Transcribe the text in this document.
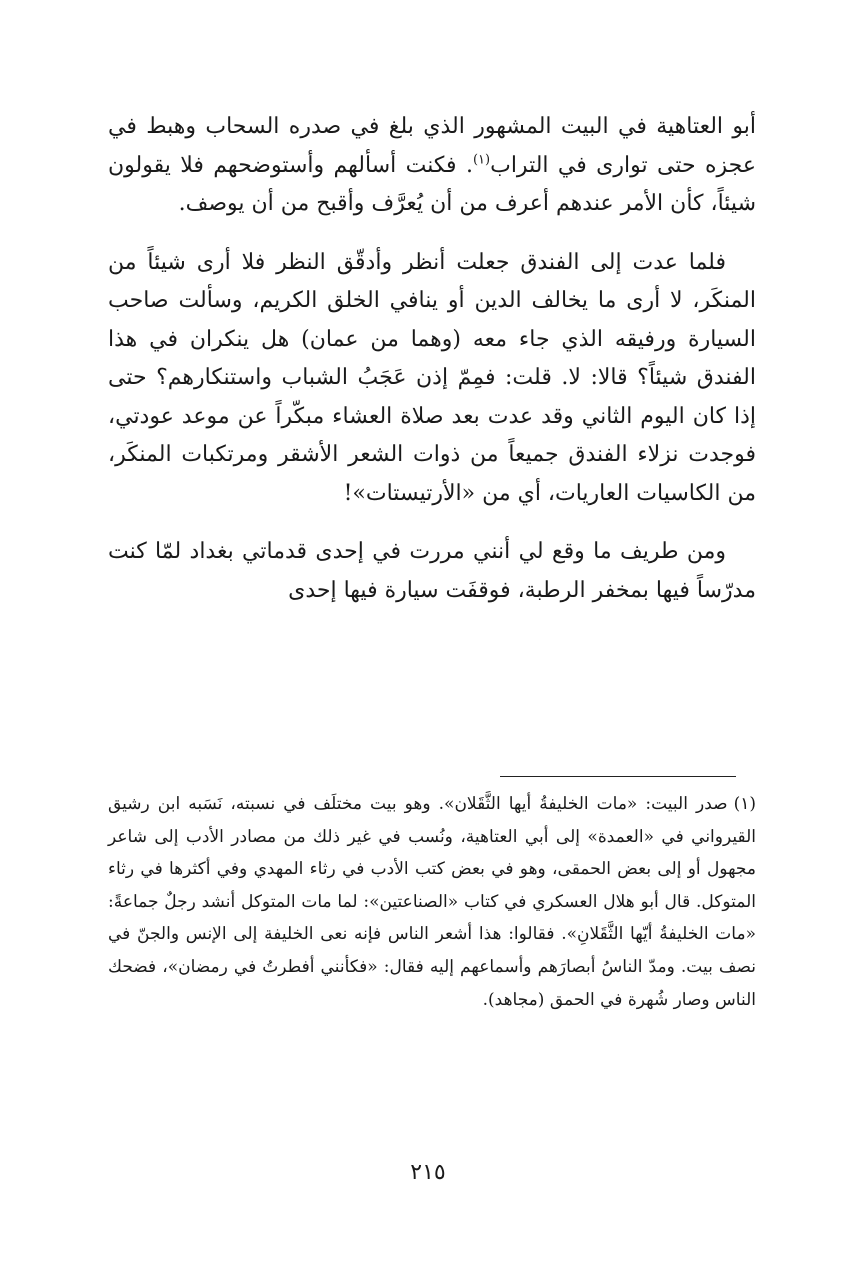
أبو العتاهية في البيت المشهور الذي بلغ في صدره السحاب وهبط في عجزه حتى توارى في التراب$^{(١)}$. فكنت أسألهم وأستوضحهم فلا يقولون شيئاً، كأن الأمر عندهم أعرف من أن يُعرَّف وأقبح من أن يوصف.

فلما عدت إلى الفندق جعلت أنظر وأدقّق النظر فلا أرى شيئاً من المنكَر، لا أرى ما يخالف الدين أو ينافي الخلق الكريم، وسألت صاحب السيارة ورفيقه الذي جاء معه (وهما من عمان) هل ينكران في هذا الفندق شيئاً؟ قالا: لا. قلت: فمِمّ إذن عَجَبُ الشباب واستنكارهم؟ حتى إذا كان اليوم الثاني وقد عدت بعد صلاة العشاء مبكّراً عن موعد عودتي، فوجدت نزلاء الفندق جميعاً من ذوات الشعر الأشقر ومرتكبات المنكَر، من الكاسيات العاريات، أي من «الأرتيستات»!

ومن طريف ما وقع لي أنني مررت في إحدى قدماتي بغداد لمّا كنت مدرّساً فيها بمخفر الرطبة، فوقفَت سيارة فيها إحدى

(١)صدر البيت: «مات الخليفةُ أيها الثَّقَلان». وهو بيت مختلَف في نسبته، نَسَبه ابن رشيق القيرواني في «العمدة» إلى أبي العتاهية، ونُسب في غير ذلك من مصادر الأدب إلى شاعر مجهول أو إلى بعض الحمقى، وهو في بعض كتب الأدب في رثاء المهدي وفي أكثرها في رثاء المتوكل. قال أبو هلال العسكري في كتاب «الصناعتين»: لما مات المتوكل أنشد رجلٌ جماعةً: «مات الخليفةُ أيّها الثَّقَلانِ». فقالوا: هذا أشعر الناس فإنه نعى الخليفة إلى الإنس والجنّ في نصف بيت. ومدّ الناسُ أبصارَهم وأسماعهم إليه فقال: «فكأنني أفطرتُ في رمضان»، فضحك الناس وصار شُهرة في الحمق (مجاهد).
٢١٥
